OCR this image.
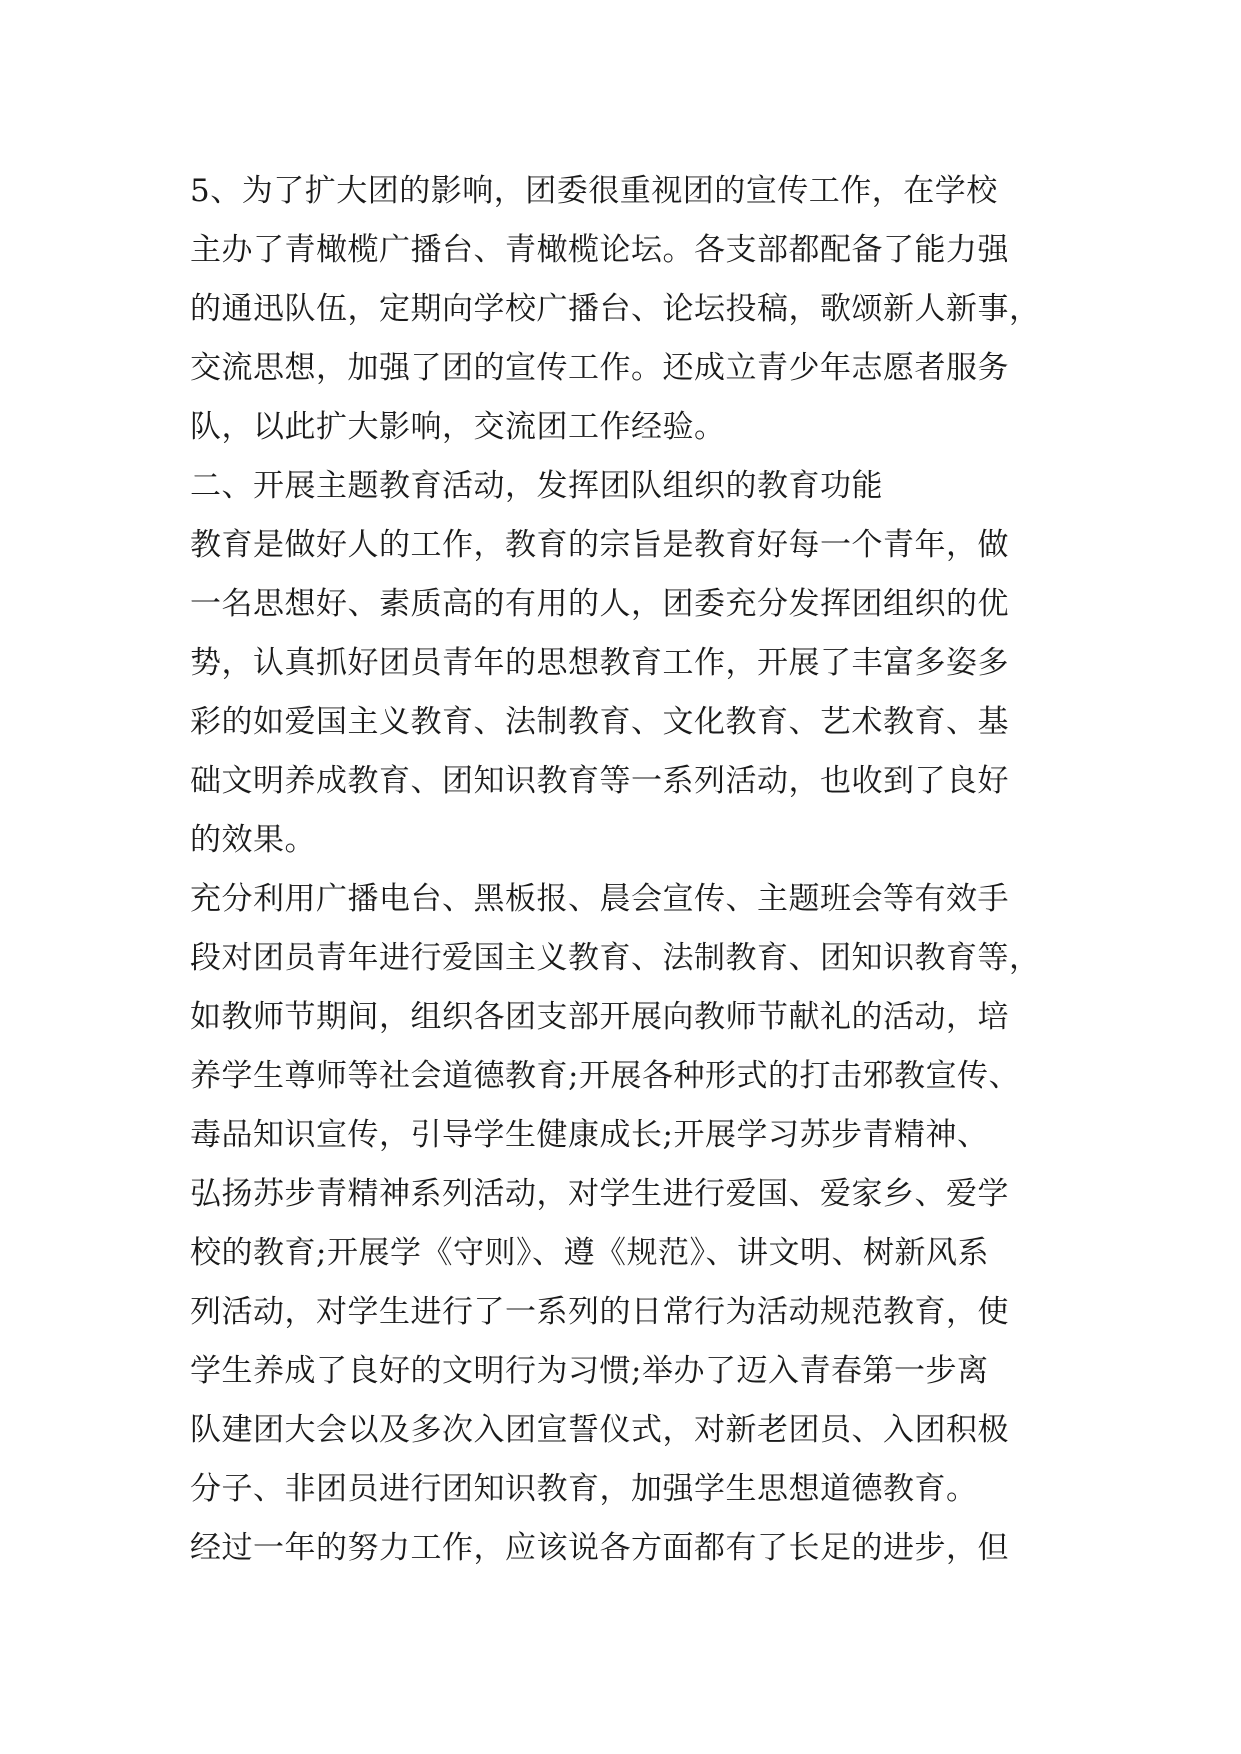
5、为了扩大团的影响，团委很重视团的宣传工作，在学校
主办了青橄榄广播台、青橄榄论坛。各支部都配备了能力强
的通迅队伍，定期向学校广播台、论坛投稿，歌颂新人新事，
交流思想，加强了团的宣传工作。还成立青少年志愿者服务
队，以此扩大影响，交流团工作经验。
二、开展主题教育活动，发挥团队组织的教育功能
教育是做好人的工作，教育的宗旨是教育好每一个青年，做
一名思想好、素质高的有用的人，团委充分发挥团组织的优
势，认真抓好团员青年的思想教育工作，开展了丰富多姿多
彩的如爱国主义教育、法制教育、文化教育、艺术教育、基
础文明养成教育、团知识教育等一系列活动，也收到了良好
的效果。
充分利用广播电台、黑板报、晨会宣传、主题班会等有效手
段对团员青年进行爱国主义教育、法制教育、团知识教育等，
如教师节期间，组织各团支部开展向教师节献礼的活动，培
养学生尊师等社会道德教育;开展各种形式的打击邪教宣传、
毒品知识宣传，引导学生健康成长;开展学习苏步青精神、
弘扬苏步青精神系列活动，对学生进行爱国、爱家乡、爱学
校的教育;开展学《守则》、遵《规范》、讲文明、树新风系
列活动，对学生进行了一系列的日常行为活动规范教育，使
学生养成了良好的文明行为习惯;举办了迈入青春第一步离
队建团大会以及多次入团宣誓仪式，对新老团员、入团积极
分子、非团员进行团知识教育，加强学生思想道德教育。
经过一年的努力工作，应该说各方面都有了长足的进步，但
